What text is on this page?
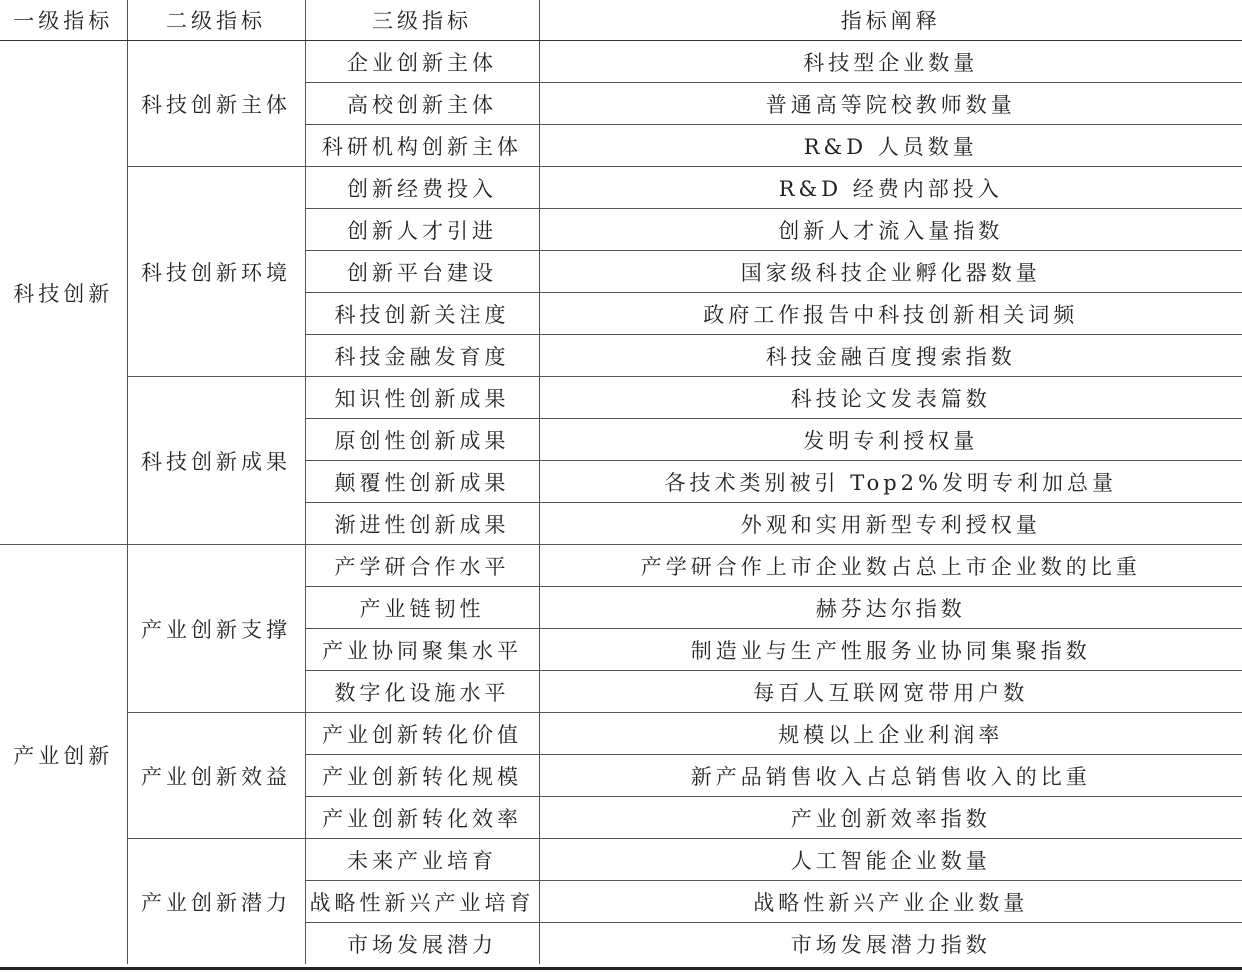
一级指标	二级指标	三级指标	指标阐释
科技创新	科技创新主体	企业创新主体	科技型企业数量
		高校创新主体	普通高等院校教师数量
		科研机构创新主体	R&D 人员数量
	科技创新环境	创新经费投入	R&D 经费内部投入
		创新人才引进	创新人才流入量指数
		创新平台建设	国家级科技企业孵化器数量
		科技创新关注度	政府工作报告中科技创新相关词频
		科技金融发育度	科技金融百度搜索指数
	科技创新成果	知识性创新成果	科技论文发表篇数
		原创性创新成果	发明专利授权量
		颠覆性创新成果	各技术类别被引 Top2%发明专利加总量
		渐进性创新成果	外观和实用新型专利授权量
产业创新	产业创新支撑	产学研合作水平	产学研合作上市企业数占总上市企业数的比重
		产业链韧性	赫芬达尔指数
		产业协同聚集水平	制造业与生产性服务业协同集聚指数
		数字化设施水平	每百人互联网宽带用户数
	产业创新效益	产业创新转化价值	规模以上企业利润率
		产业创新转化规模	新产品销售收入占总销售收入的比重
		产业创新转化效率	产业创新效率指数
	产业创新潜力	未来产业培育	人工智能企业数量
		战略性新兴产业培育	战略性新兴产业企业数量
		市场发展潜力	市场发展潜力指数
